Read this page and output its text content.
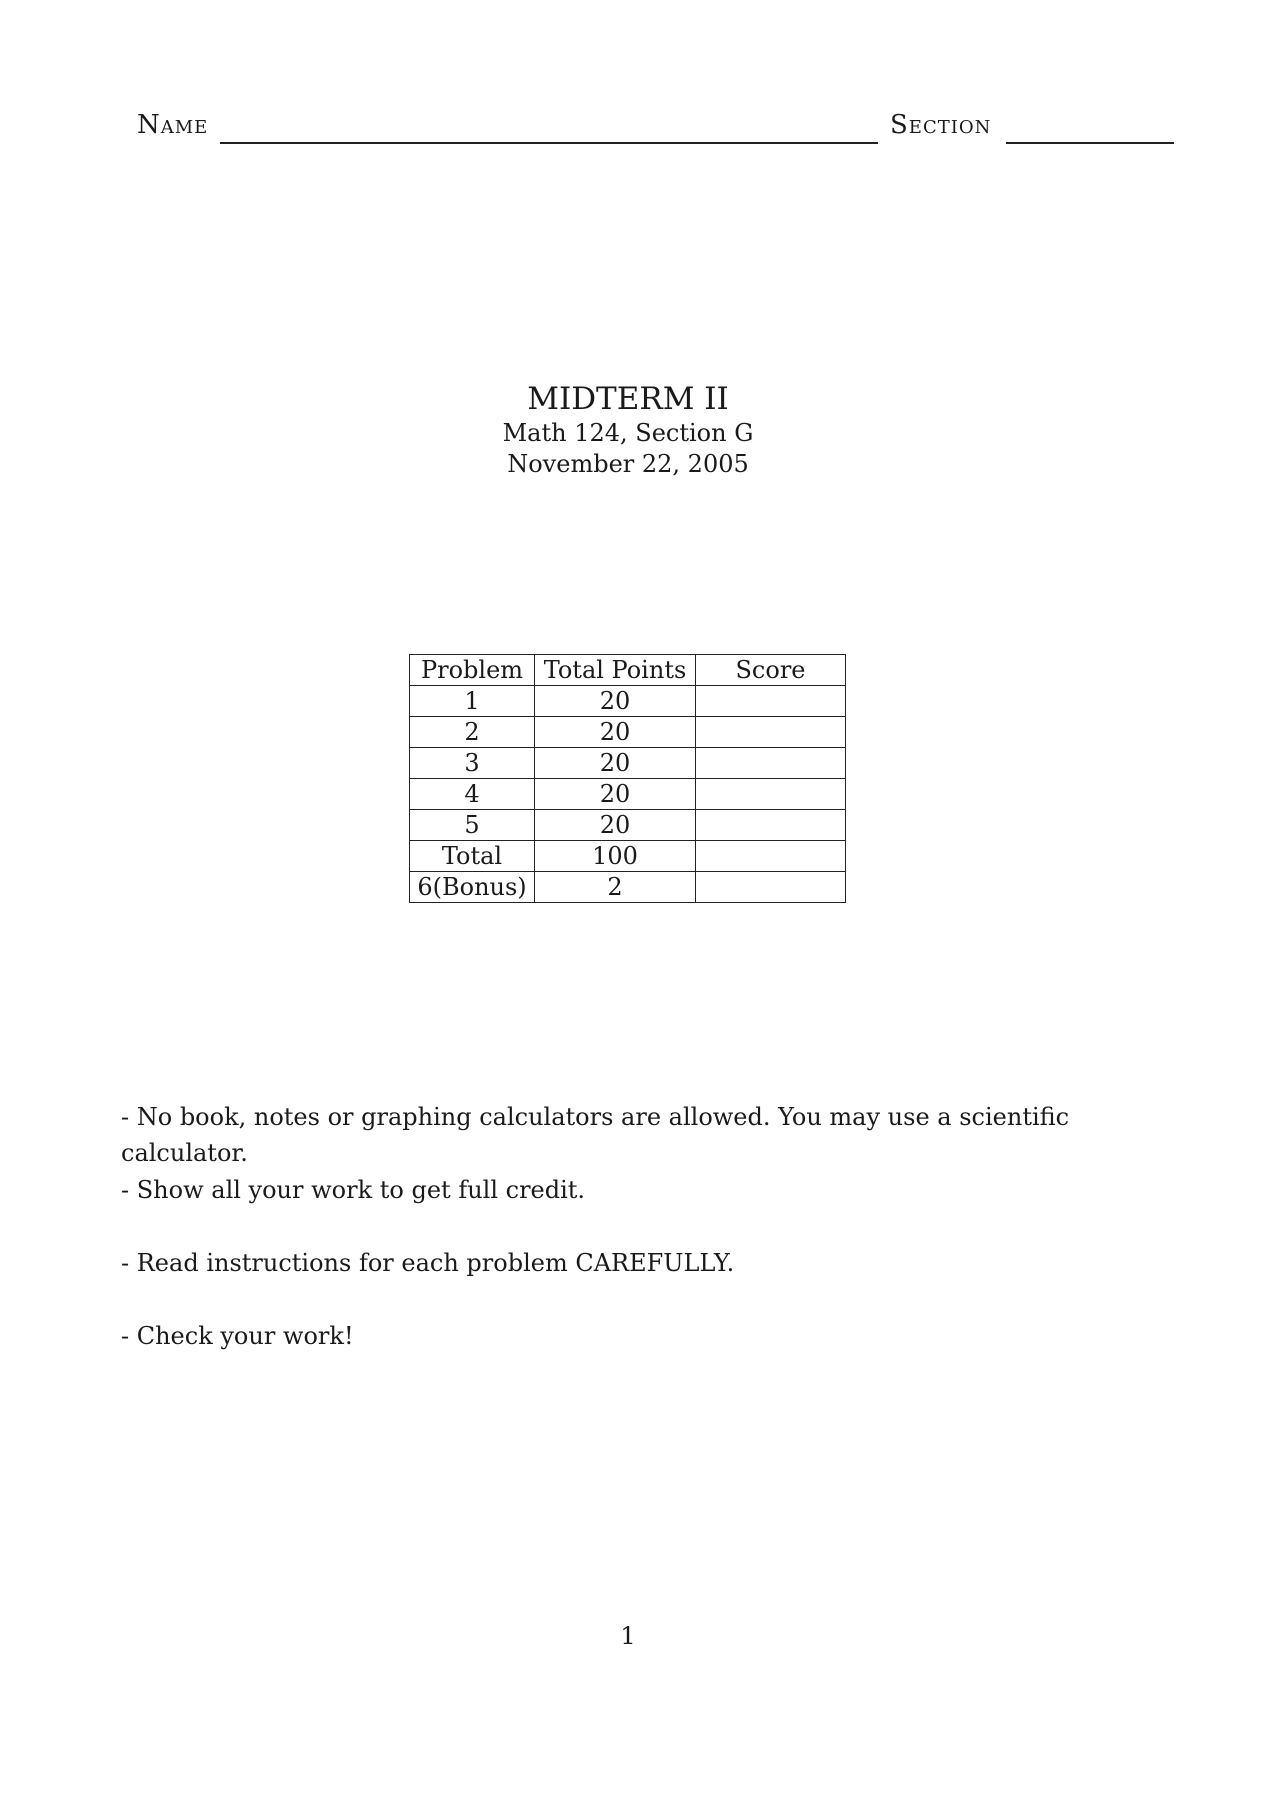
Name	Section
MIDTERM II
Math 124, Section G
November 22, 2005
Problem	Total Points	Score
1	20	
2	20	
3	20	
4	20	
5	20	
Total	100	
6(Bonus)	2	

- No book, notes or graphing calculators are allowed. You may use a scientific calculator.

- Show all your work to get full credit.

- Read instructions for each problem CAREFULLY.

- Check your work!

1
